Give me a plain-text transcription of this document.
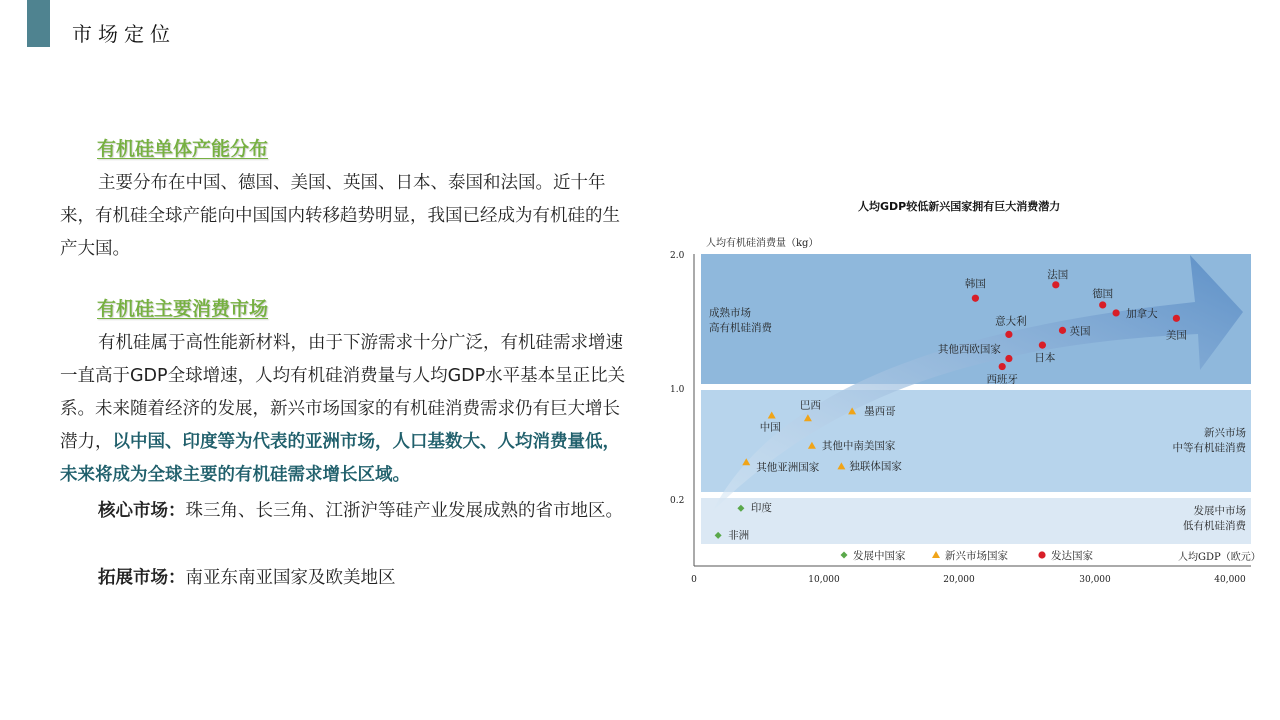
市场定位
有机硅单体产能分布
主要分布在中国、德国、美国、英国、日本、泰国和法国。近十年来，有机硅全球产能向中国国内转移趋势明显，我国已经成为有机硅的生产大国。
有机硅主要消费市场
有机硅属于高性能新材料，由于下游需求十分广泛，有机硅需求增速一直高于GDP全球增速，人均有机硅消费量与人均GDP水平基本呈正比关系。未来随着经济的发展，新兴市场国家的有机硅消费需求仍有巨大增长潜力，以中国、印度等为代表的亚洲市场，人口基数大、人均消费量低，未来将成为全球主要的有机硅需求增长区域。
核心市场：珠三角、长三角、江浙沪等硅产业发展成熟的省市地区。
拓展市场：南亚东南亚国家及欧美地区
人均GDP较低新兴国家拥有巨大消费潜力
人均有机硅消费量（kg）
人均GDP（欧元）
2.0
1.0
0.2
0	10,000	20,000	30,000	40,000
成熟市场
高有机硅消费
新兴市场
中等有机硅消费
发展中市场
低有机硅消费
发展中国家	新兴市场国家	发达国家
印度
非洲
巴西
中国
墨西哥
其他中南美国家
其他亚洲国家	独联体国家
韩国
法国
德国
加拿大
美国
意大利
英国
其他西欧国家
日本
西班牙
